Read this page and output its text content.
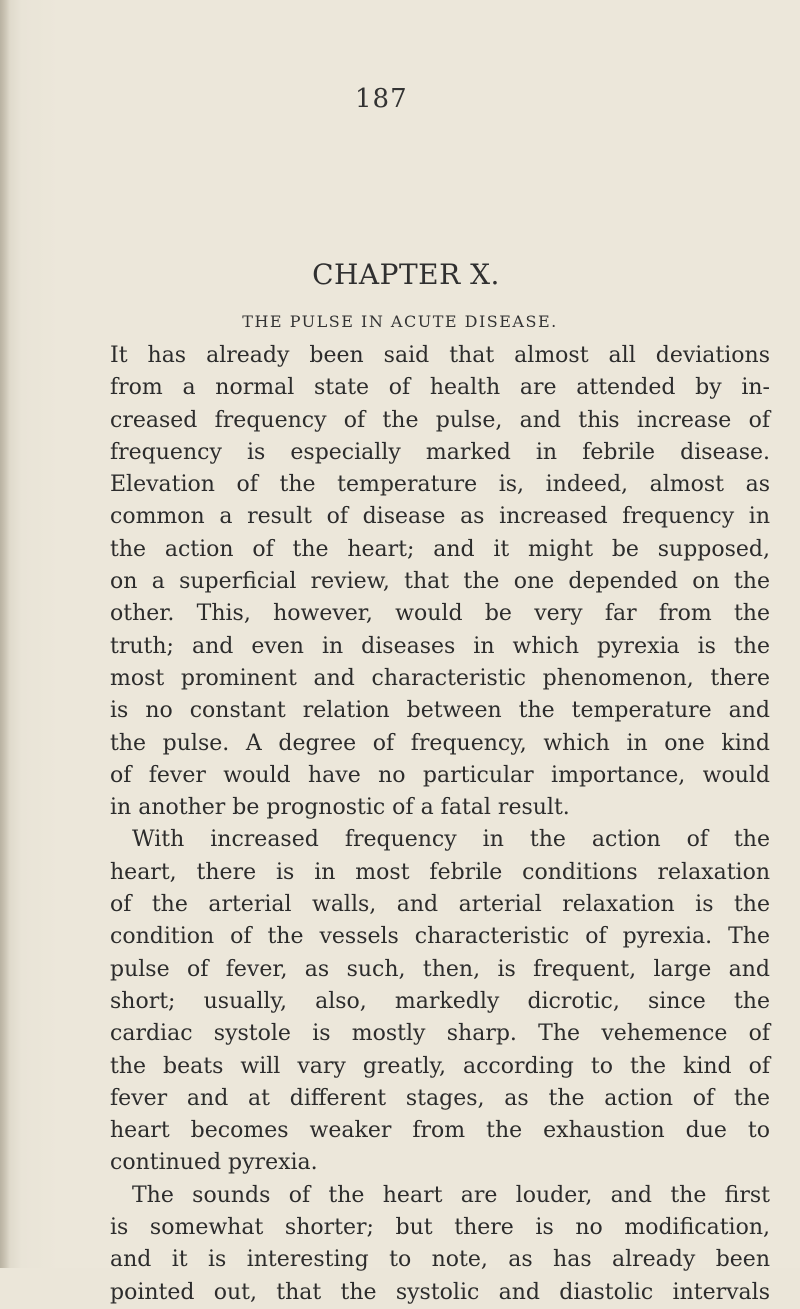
187
CHAPTER X.
THE PULSE IN ACUTE DISEASE.
It has already been said that almost all deviations
from a normal state of health are attended by in-
creased frequency of the pulse, and this increase of
frequency is especially marked in febrile disease.
Elevation of the temperature is, indeed, almost as
common a result of disease as increased frequency in
the action of the heart; and it might be supposed,
on a superficial review, that the one depended on the
other. This, however, would be very far from the
truth; and even in diseases in which pyrexia is the
most prominent and characteristic phenomenon, there
is no constant relation between the temperature and
the pulse. A degree of frequency, which in one kind
of fever would have no particular importance, would
in another be prognostic of a fatal result.
With increased frequency in the action of the
heart, there is in most febrile conditions relaxation
of the arterial walls, and arterial relaxation is the
condition of the vessels characteristic of pyrexia. The
pulse of fever, as such, then, is frequent, large and
short; usually, also, markedly dicrotic, since the
cardiac systole is mostly sharp. The vehemence of
the beats will vary greatly, according to the kind of
fever and at different stages, as the action of the
heart becomes weaker from the exhaustion due to
continued pyrexia.
The sounds of the heart are louder, and the first
is somewhat shorter; but there is no modification,
and it is interesting to note, as has already been
pointed out, that the systolic and diastolic intervals
